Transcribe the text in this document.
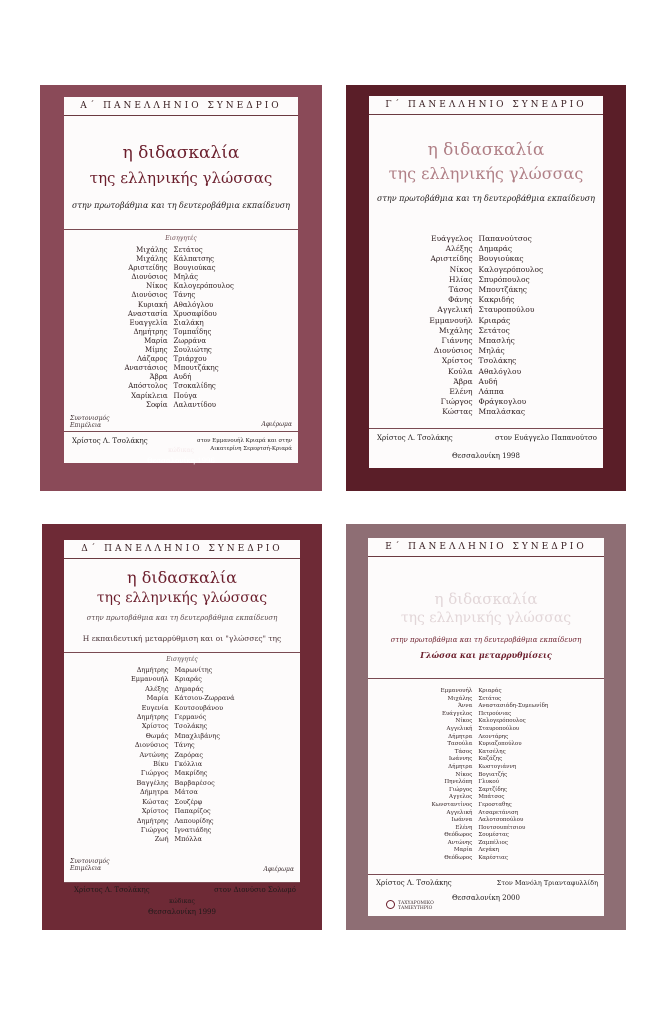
Α΄ ΠΑΝΕΛΛΗΝΙΟ ΣΥΝΕΔΡΙΟ
η διδασκαλία
της ελληνικής γλώσσας
στην πρωτοβάθμια και τη δευτεροβάθμια εκπαίδευση
Εισηγητές
Μιχάλης Σετάτος
Μιχάλης Κάλπατσης
Αριστείδης Βουγιούκας
Διονύσιος Μηλάς
Νίκος Καλογερόπουλος
Διονύσιος Τάνης
Κυριακή Αθαλόγλου
Αναστασία Χρυσαφίδου
Ευαγγελία Σιαλάκη
Δημήτρης Τομπαΐδης
Μαρία Ζωρράνα
Μίμης Σουλιώτης
Λάζαρος Τριάρχου
Αναστάσιος Μπουτζάκης
Άβρα Αυδή
Απόστολος Τσοκαλίδης
Χαρίκλεια Πούγα
Σοφία Λαλαντίδου
Συντονισμός Επιμέλεια	Αφιέρωμα
Χρίστος Λ. Τσολάκης	στον Εμμανουήλ Κριαρά και στην Αικατερίνη Σερεφτσή-Κριαρά
κώδικας
Θεσσαλονίκη 1996
Γ΄ ΠΑΝΕΛΛΗΝΙΟ ΣΥΝΕΔΡΙΟ
η διδασκαλία
της ελληνικής γλώσσας
στην πρωτοβάθμια και τη δευτεροβάθμια εκπαίδευση
Ευάγγελος Παπανούτσος
Αλέξης Δημαράς
Αριστείδης Βουγιούκας
Νίκος Καλογερόπουλος
Ηλίας Σπυρόπουλος
Τάσος Μπουτζάκης
Φάνης Κακριδής
Αγγελική Σταυροπούλου
Εμμανουήλ Κριαράς
Μιχάλης Σετάτος
Γιάννης Μπασλής
Διονύσιος Μηλάς
Χρίστος Τσολάκης
Κούλα Αθαλόγλου
Άβρα Αυδή
Ελένη Λάππα
Γιώργος Φράγκογλου
Κώστας Μπαλάσκας
Χρίστος Λ. Τσολάκης	στον Ευάγγελο Παπανούτσο
Θεσσαλονίκη 1998
Δ΄ ΠΑΝΕΛΛΗΝΙΟ ΣΥΝΕΔΡΙΟ
η διδασκαλία
της ελληνικής γλώσσας
στην πρωτοβάθμια και τη δευτεροβάθμια εκπαίδευση
Η εκπαιδευτική μεταρρύθμιση και οι "γλώσσες" της
Εισηγητές
Δημήτρης Μαρωνίτης
Εμμανουήλ Κριαράς
Αλέξης Δημαράς
Μαρία Κάτσιου-Ζωρρανά
Ευγενία Κουτσουβάνου
Δημήτρης Γερμανός
Χρίστος Τσολάκης
Θωμάς Μπαχλιβάνης
Διονύσιος Τάνης
Αντώνης Ζαρόρας
Βίκυ Γκόλλια
Γιώργος Μακρίδης
Βαγγέλης Βαρβαρέσος
Δήμητρα Μάτσα
Κώστας Σουζέρφ
Χρίστος Παπαρίζος
Δημήτρης Λαπουρίδης
Γιώργος Ιγνατιάδης
Ζωή Μπόλλα
Συντονισμός Επιμέλεια	Αφιέρωμα
Χρίστος Λ. Τσολάκης	στον Διονύσιο Σολωμό
κώδικας
Θεσσαλονίκη 1999
Ε΄ ΠΑΝΕΛΛΗΝΙΟ ΣΥΝΕΔΡΙΟ
η διδασκαλία
της ελληνικής γλώσσας
στην πρωτοβάθμια και τη δευτεροβάθμια εκπαίδευση
Γλώσσα και μεταρρυθμίσεις
Εμμανουήλ	Κριαράς
Μιχάλης	Σετάτος
Άννα	Αναστασιάδη-Συμεωνίδη
Ευάγγελος	Πετρούνιας
Νίκος	Καλογερόπουλος
Αγγελική	Σταυροπούλου
Δήμητρα	Λεοντάρης
Τασούλα	Κυριαζοπούλου
Τάσος	Κατσέλης
Ιωάννης	Καζάζης
Δήμητρα	Κωστογιάννη
Νίκος	Βογιατζής
Πηνελόπη	Γλυκού
Γιώργος	Σαρτζίδης
Αγγελος	Μπάτσος
Κωνσταντίνος	Γεροσταθης
Αγγελική	Ατσαρετάνιση
Ιωάννα	Λαλοτσοπούλου
Ελένη	Πουτσουπέτσιου
Θεόδωρος	Σουμέστας
Αντώνης	Ζαμπέλιος
Μαρία	Λεγάκη
Θεόδωρος	Καρέστιας
Χρίστος Λ. Τσολάκης	Στον Μανόλη Τριανταφυλλίδη
Θεσσαλονίκη 2000
ΤΑΧΥΔΡΟΜΙΚΟ ΤΑΜΙΕΥΤΗΡΙΟ
